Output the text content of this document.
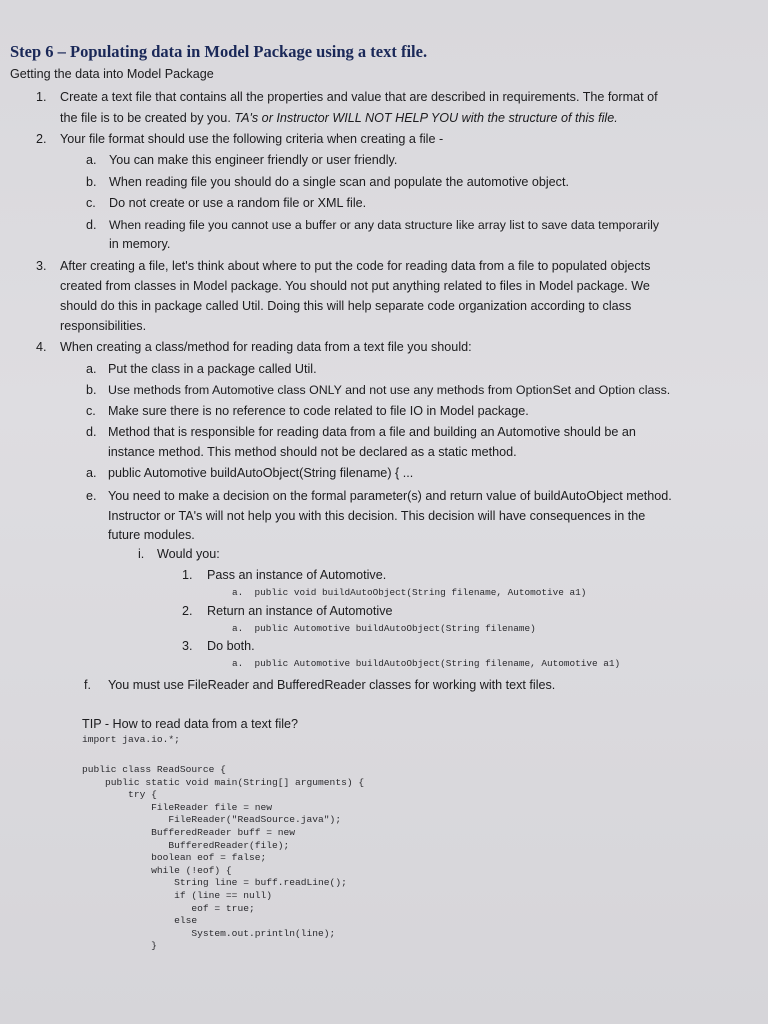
Step 6 – Populating data in Model Package using a text file.
Getting the data into Model Package
1. Create a text file that contains all the properties and value that are described in requirements. The format of
the file is to be created by you. TA's or Instructor WILL NOT HELP YOU with the structure of this file.
2. Your file format should use the following criteria when creating a file -
a. You can make this engineer friendly or user friendly.
b. When reading file you should do a single scan and populate the automotive object.
c. Do not create or use a random file or XML file.
d. When reading file you cannot use a buffer or any data structure like array list to save data temporarily
in memory.
3. After creating a file, let's think about where to put the code for reading data from a file to populated objects
created from classes in Model package. You should not put anything related to files in Model package. We
should do this in package called Util. Doing this will help separate code organization according to class
responsibilities.
4. When creating a class/method for reading data from a text file you should:
a. Put the class in a package called Util.
b. Use methods from Automotive class ONLY and not use any methods from OptionSet and Option class.
c. Make sure there is no reference to code related to file IO in Model package.
d. Method that is responsible for reading data from a file and building an Automotive should be an
instance method. This method should not be declared as a static method.
a. public Automotive buildAutoObject(String filename) { ...
e. You need to make a decision on the formal parameter(s) and return value of buildAutoObject method.
Instructor or TA's will not help you with this decision. This decision will have consequences in the
future modules.
i. Would you:
1. Pass an instance of Automotive.
a.  public void buildAutoObject(String filename, Automotive a1)
2. Return an instance of Automotive
a.  public Automotive buildAutoObject(String filename)
3. Do both.
a.  public Automotive buildAutoObject(String filename, Automotive a1)
f. You must use FileReader and BufferedReader classes for working with text files.
TIP - How to read data from a text file?
import java.io.*;
public class ReadSource {
public static void main(String[] arguments) {
try {
FileReader file = new
FileReader("ReadSource.java");
BufferedReader buff = new
BufferedReader(file);
boolean eof = false;
while (!eof) {
String line = buff.readLine();
if (line == null)
eof = true;
else
System.out.println(line);
}
